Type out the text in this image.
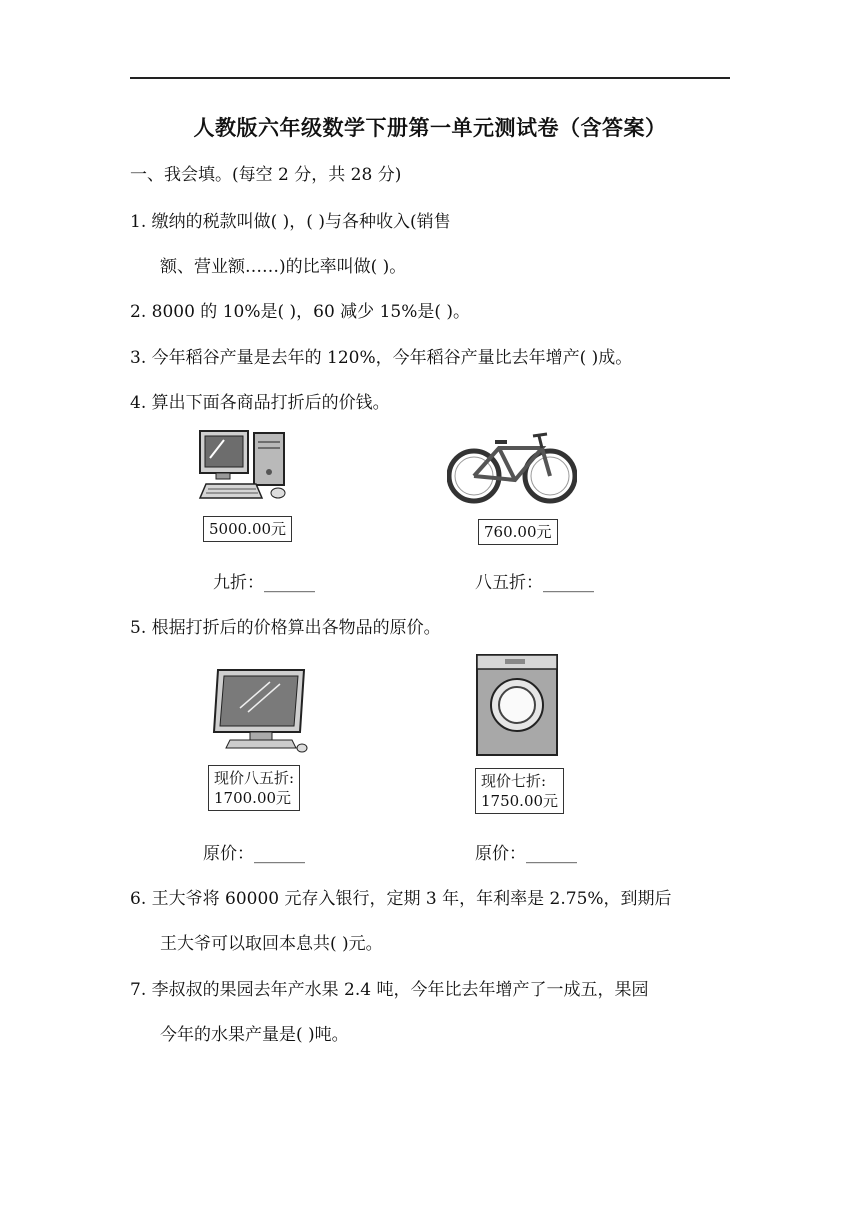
人教版六年级数学下册第一单元测试卷（含答案）
一、我会填。(每空 2 分，共 28 分)
1. 缴纳的税款叫做( )，( )与各种收入(销售
额、营业额……)的比率叫做( )。
2. 8000 的 10%是( )，60 减少 15%是( )。
3. 今年稻谷产量是去年的 120%，今年稻谷产量比去年增产( )成。
4. 算出下面各商品打折后的价钱。
5000.00元	760.00元
九折：______	八五折：______
5. 根据打折后的价格算出各物品的原价。
现价八五折:
1700.00元
现价七折:
1750.00元
原价：______	原价：______
6. 王大爷将 60000 元存入银行，定期 3 年，年利率是 2.75%，到期后
王大爷可以取回本息共( )元。
7. 李叔叔的果园去年产水果 2.4 吨，今年比去年增产了一成五，果园
今年的水果产量是( )吨。
